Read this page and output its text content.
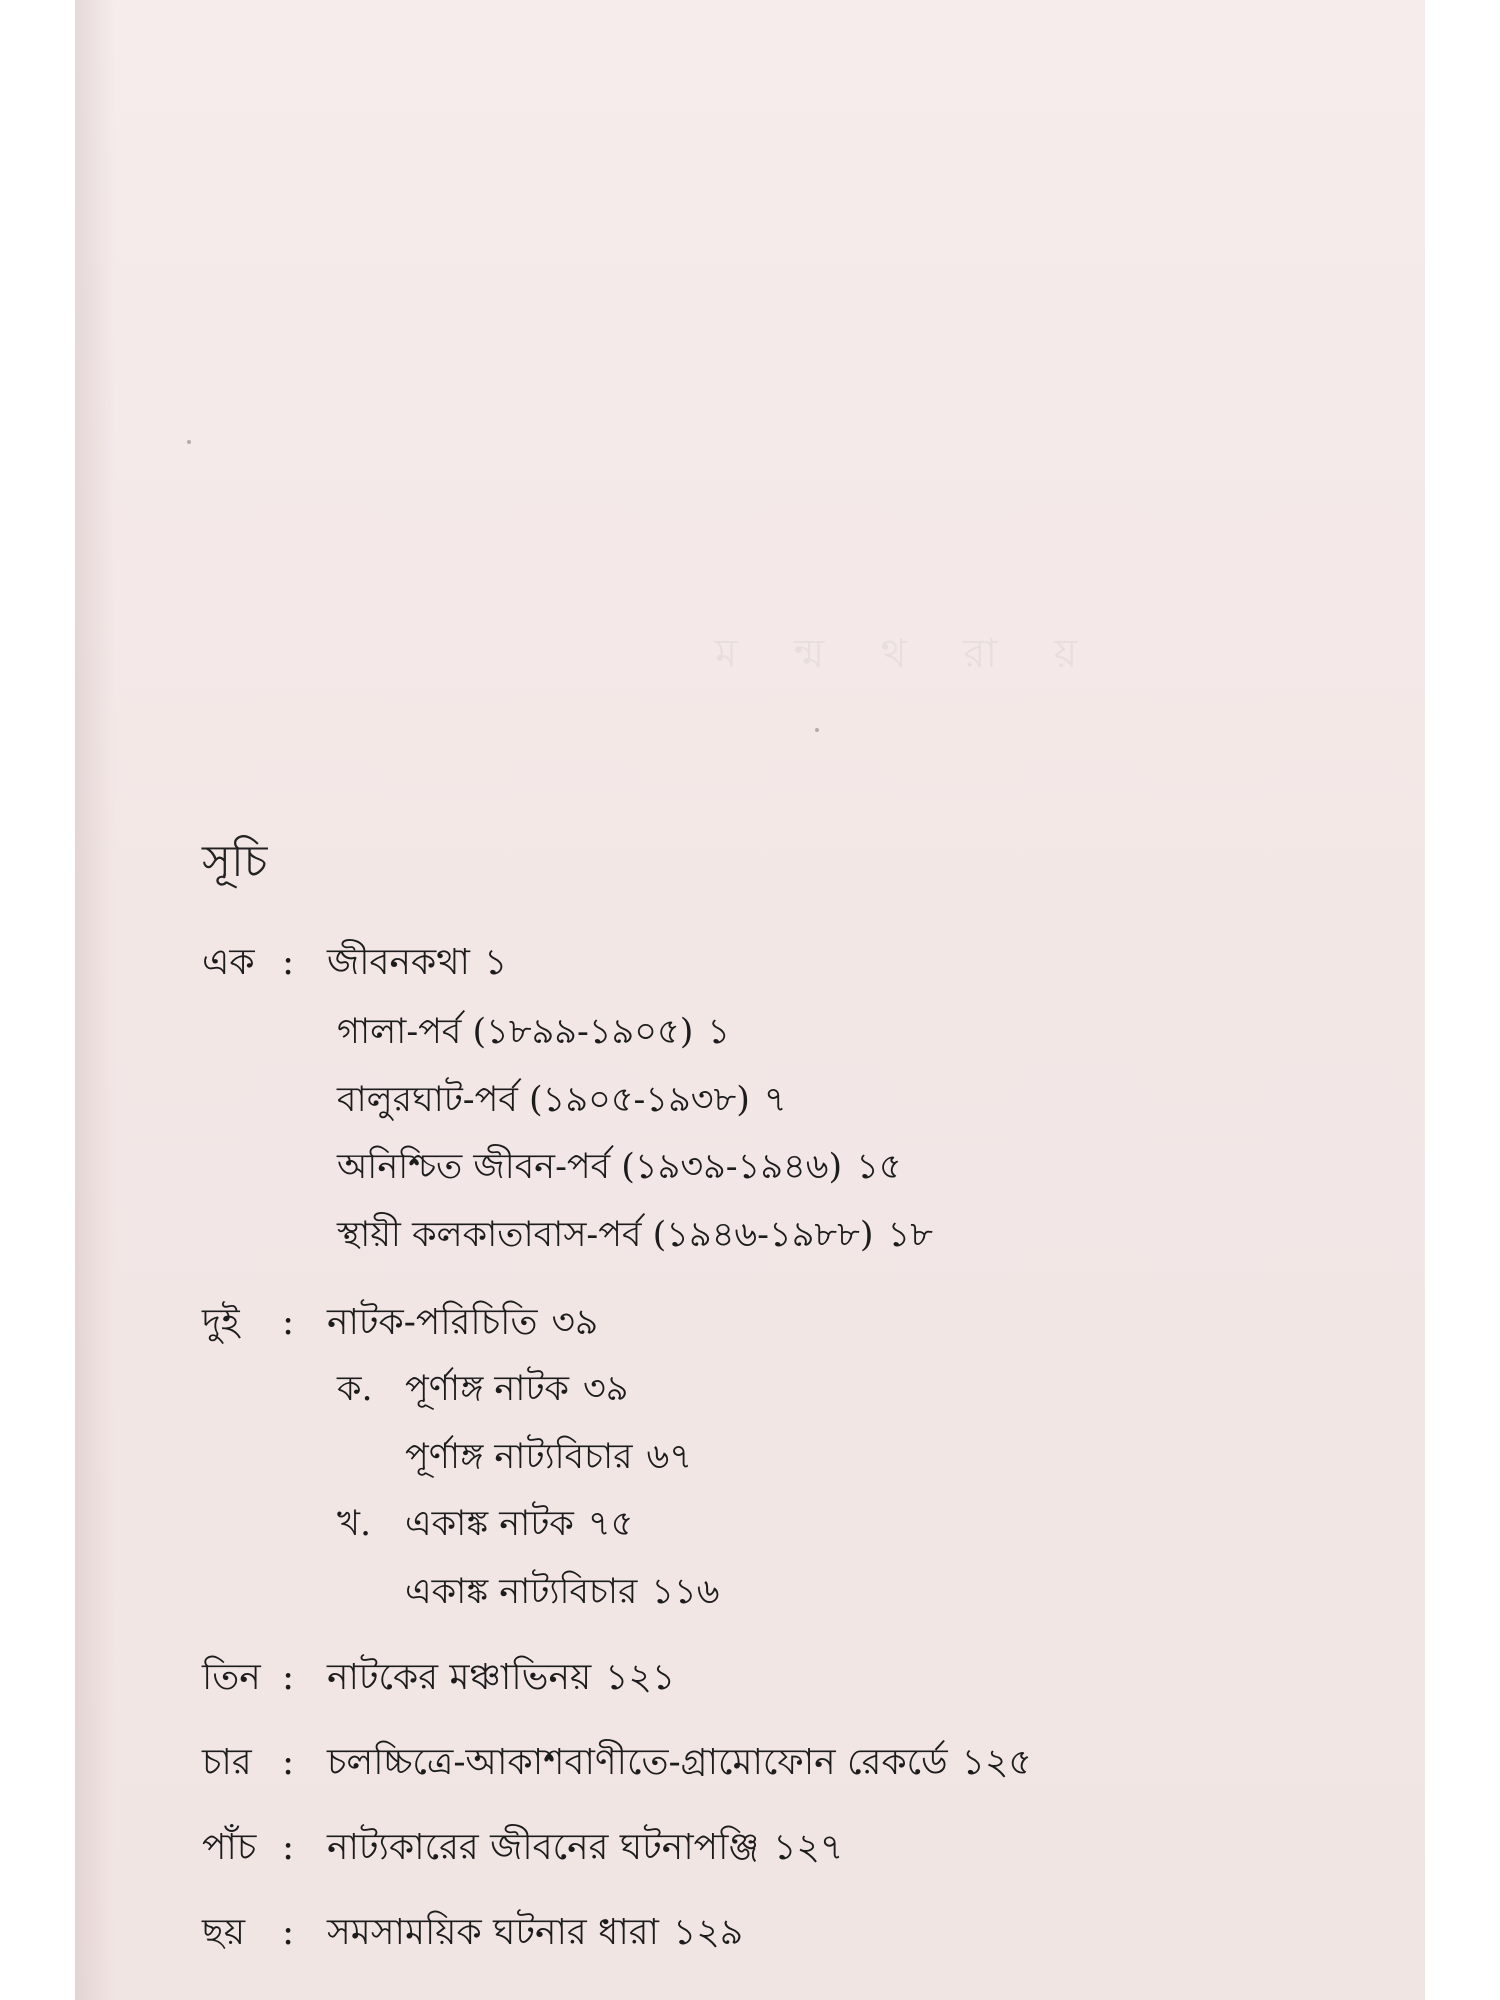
ম ন্ম থ রা য়
সূচি
এক : জীবনকথা ১
গালা-পর্ব (১৮৯৯-১৯০৫) ১
বালুরঘাট-পর্ব (১৯০৫-১৯৩৮) ৭
অনিশ্চিত জীবন-পর্ব (১৯৩৯-১৯৪৬) ১৫
স্থায়ী কলকাতাবাস-পর্ব (১৯৪৬-১৯৮৮) ১৮
দুই : নাটক-পরিচিতি ৩৯
ক. পূর্ণাঙ্গ নাটক ৩৯
পূর্ণাঙ্গ নাট্যবিচার ৬৭
খ. একাঙ্ক নাটক ৭৫
একাঙ্ক নাট্যবিচার ১১৬
তিন : নাটকের মঞ্চাভিনয় ১২১
চার : চলচ্চিত্রে-আকাশবাণীতে-গ্রামোফোন রেকর্ডে ১২৫
পাঁচ : নাট্যকারের জীবনের ঘটনাপঞ্জি ১২৭
ছয় : সমসাময়িক ঘটনার ধারা ১২৯
